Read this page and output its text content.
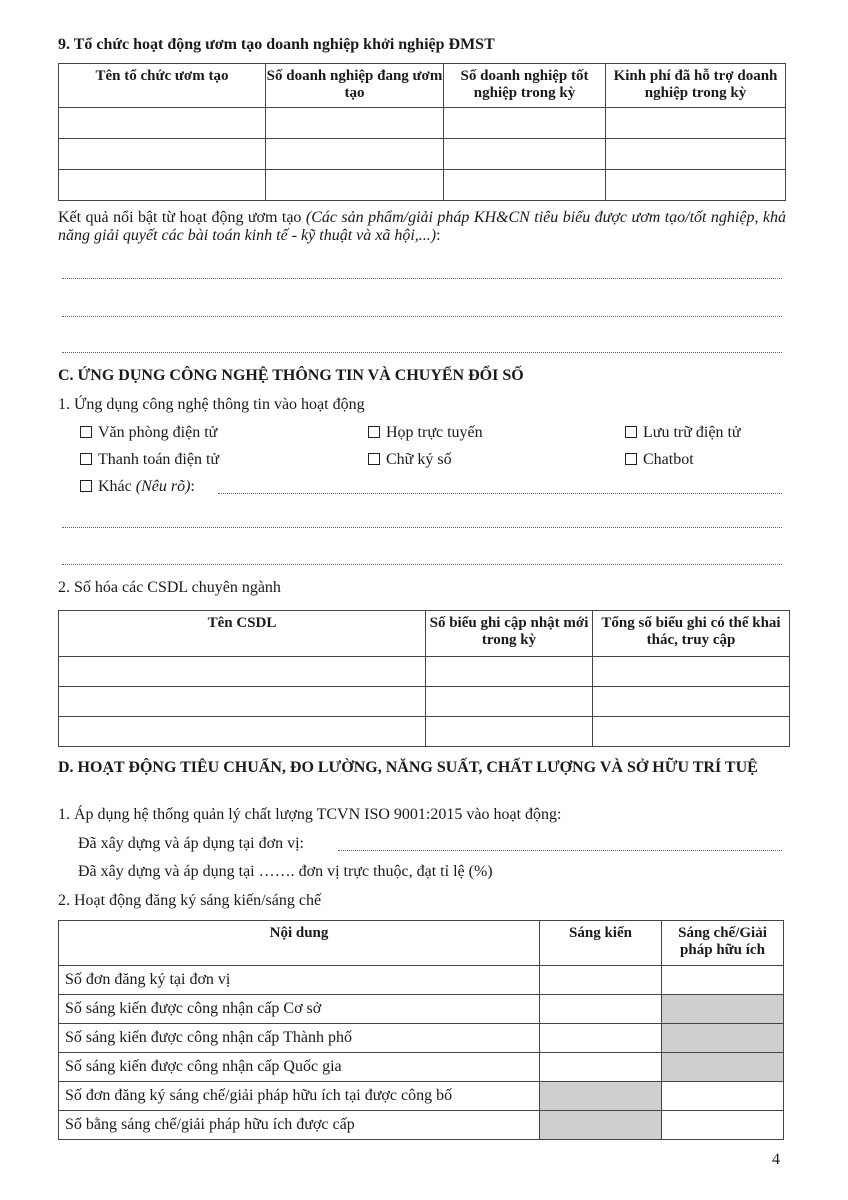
9. Tổ chức hoạt động ươm tạo doanh nghiệp khởi nghiệp ĐMST
Tên tổ chức ươm tạo	Số doanh nghiệp đang ươm tạo	Số doanh nghiệp tốt nghiệp trong kỳ	Kinh phí đã hỗ trợ doanh nghiệp trong kỳ

Kết quả nổi bật từ hoạt động ươm tạo (Các sản phẩm/giải pháp KH&CN tiêu biểu được ươm tạo/tốt nghiệp, khả năng giải quyết các bài toán kinh tế - kỹ thuật và xã hội,...):
C. ỨNG DỤNG CÔNG NGHỆ THÔNG TIN VÀ CHUYỂN ĐỔI SỐ
1. Ứng dụng công nghệ thông tin vào hoạt động
Văn phòng điện tử	Họp trực tuyến	Lưu trữ điện tử
Thanh toán điện tử	Chữ ký số	Chatbot
Khác (Nêu rõ):
2. Số hóa các CSDL chuyên ngành
Tên CSDL	Số biểu ghi cập nhật mới trong kỳ	Tổng số biểu ghi có thể khai thác, truy cập

D. HOẠT ĐỘNG TIÊU CHUẨN, ĐO LƯỜNG, NĂNG SUẤT, CHẤT LƯỢNG VÀ SỞ HỮU TRÍ TUỆ
1. Áp dụng hệ thống quản lý chất lượng TCVN ISO 9001:2015 vào hoạt động:
Đã xây dựng và áp dụng tại đơn vị:
Đã xây dựng và áp dụng tại ……. đơn vị trực thuộc, đạt tỉ lệ (%)
2. Hoạt động đăng ký sáng kiến/sáng chế
Nội dung	Sáng kiến	Sáng chế/Giải pháp hữu ích
Số đơn đăng ký tại đơn vị		
Số sáng kiến được công nhận cấp Cơ sở		
Số sáng kiến được công nhận cấp Thành phố		
Số sáng kiến được công nhận cấp Quốc gia		
Số đơn đăng ký sáng chế/giải pháp hữu ích tại được công bố		
Số bằng sáng chế/giải pháp hữu ích được cấp		
4
